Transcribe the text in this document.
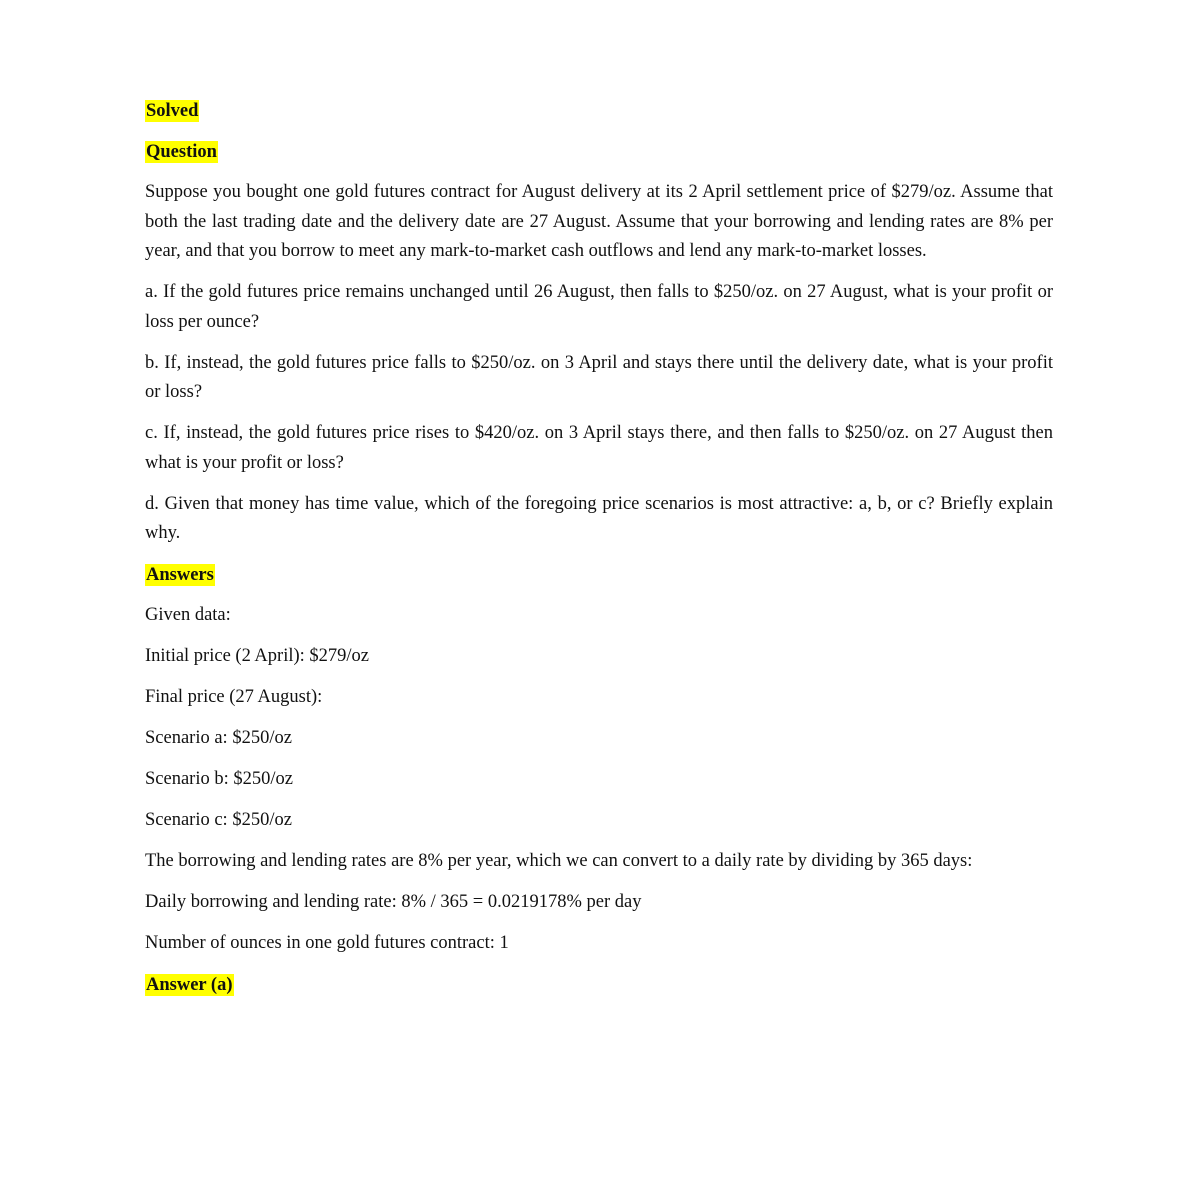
Solved
Question
Suppose you bought one gold futures contract for August delivery at its 2 April settlement price of $279/oz. Assume that both the last trading date and the delivery date are 27 August. Assume that your borrowing and lending rates are 8% per year, and that you borrow to meet any mark-to-market cash outflows and lend any mark-to-market losses.
a. If the gold futures price remains unchanged until 26 August, then falls to $250/oz. on 27 August, what is your profit or loss per ounce?
b. If, instead, the gold futures price falls to $250/oz. on 3 April and stays there until the delivery date, what is your profit or loss?
c. If, instead, the gold futures price rises to $420/oz. on 3 April stays there, and then falls to $250/oz. on 27 August then what is your profit or loss?
d. Given that money has time value, which of the foregoing price scenarios is most attractive: a, b, or c? Briefly explain why.
Answers
Given data:
Initial price (2 April): $279/oz
Final price (27 August):
Scenario a: $250/oz
Scenario b: $250/oz
Scenario c: $250/oz
The borrowing and lending rates are 8% per year, which we can convert to a daily rate by dividing by 365 days:
Daily borrowing and lending rate: 8% / 365 = 0.0219178% per day
Number of ounces in one gold futures contract: 1
Answer (a)
